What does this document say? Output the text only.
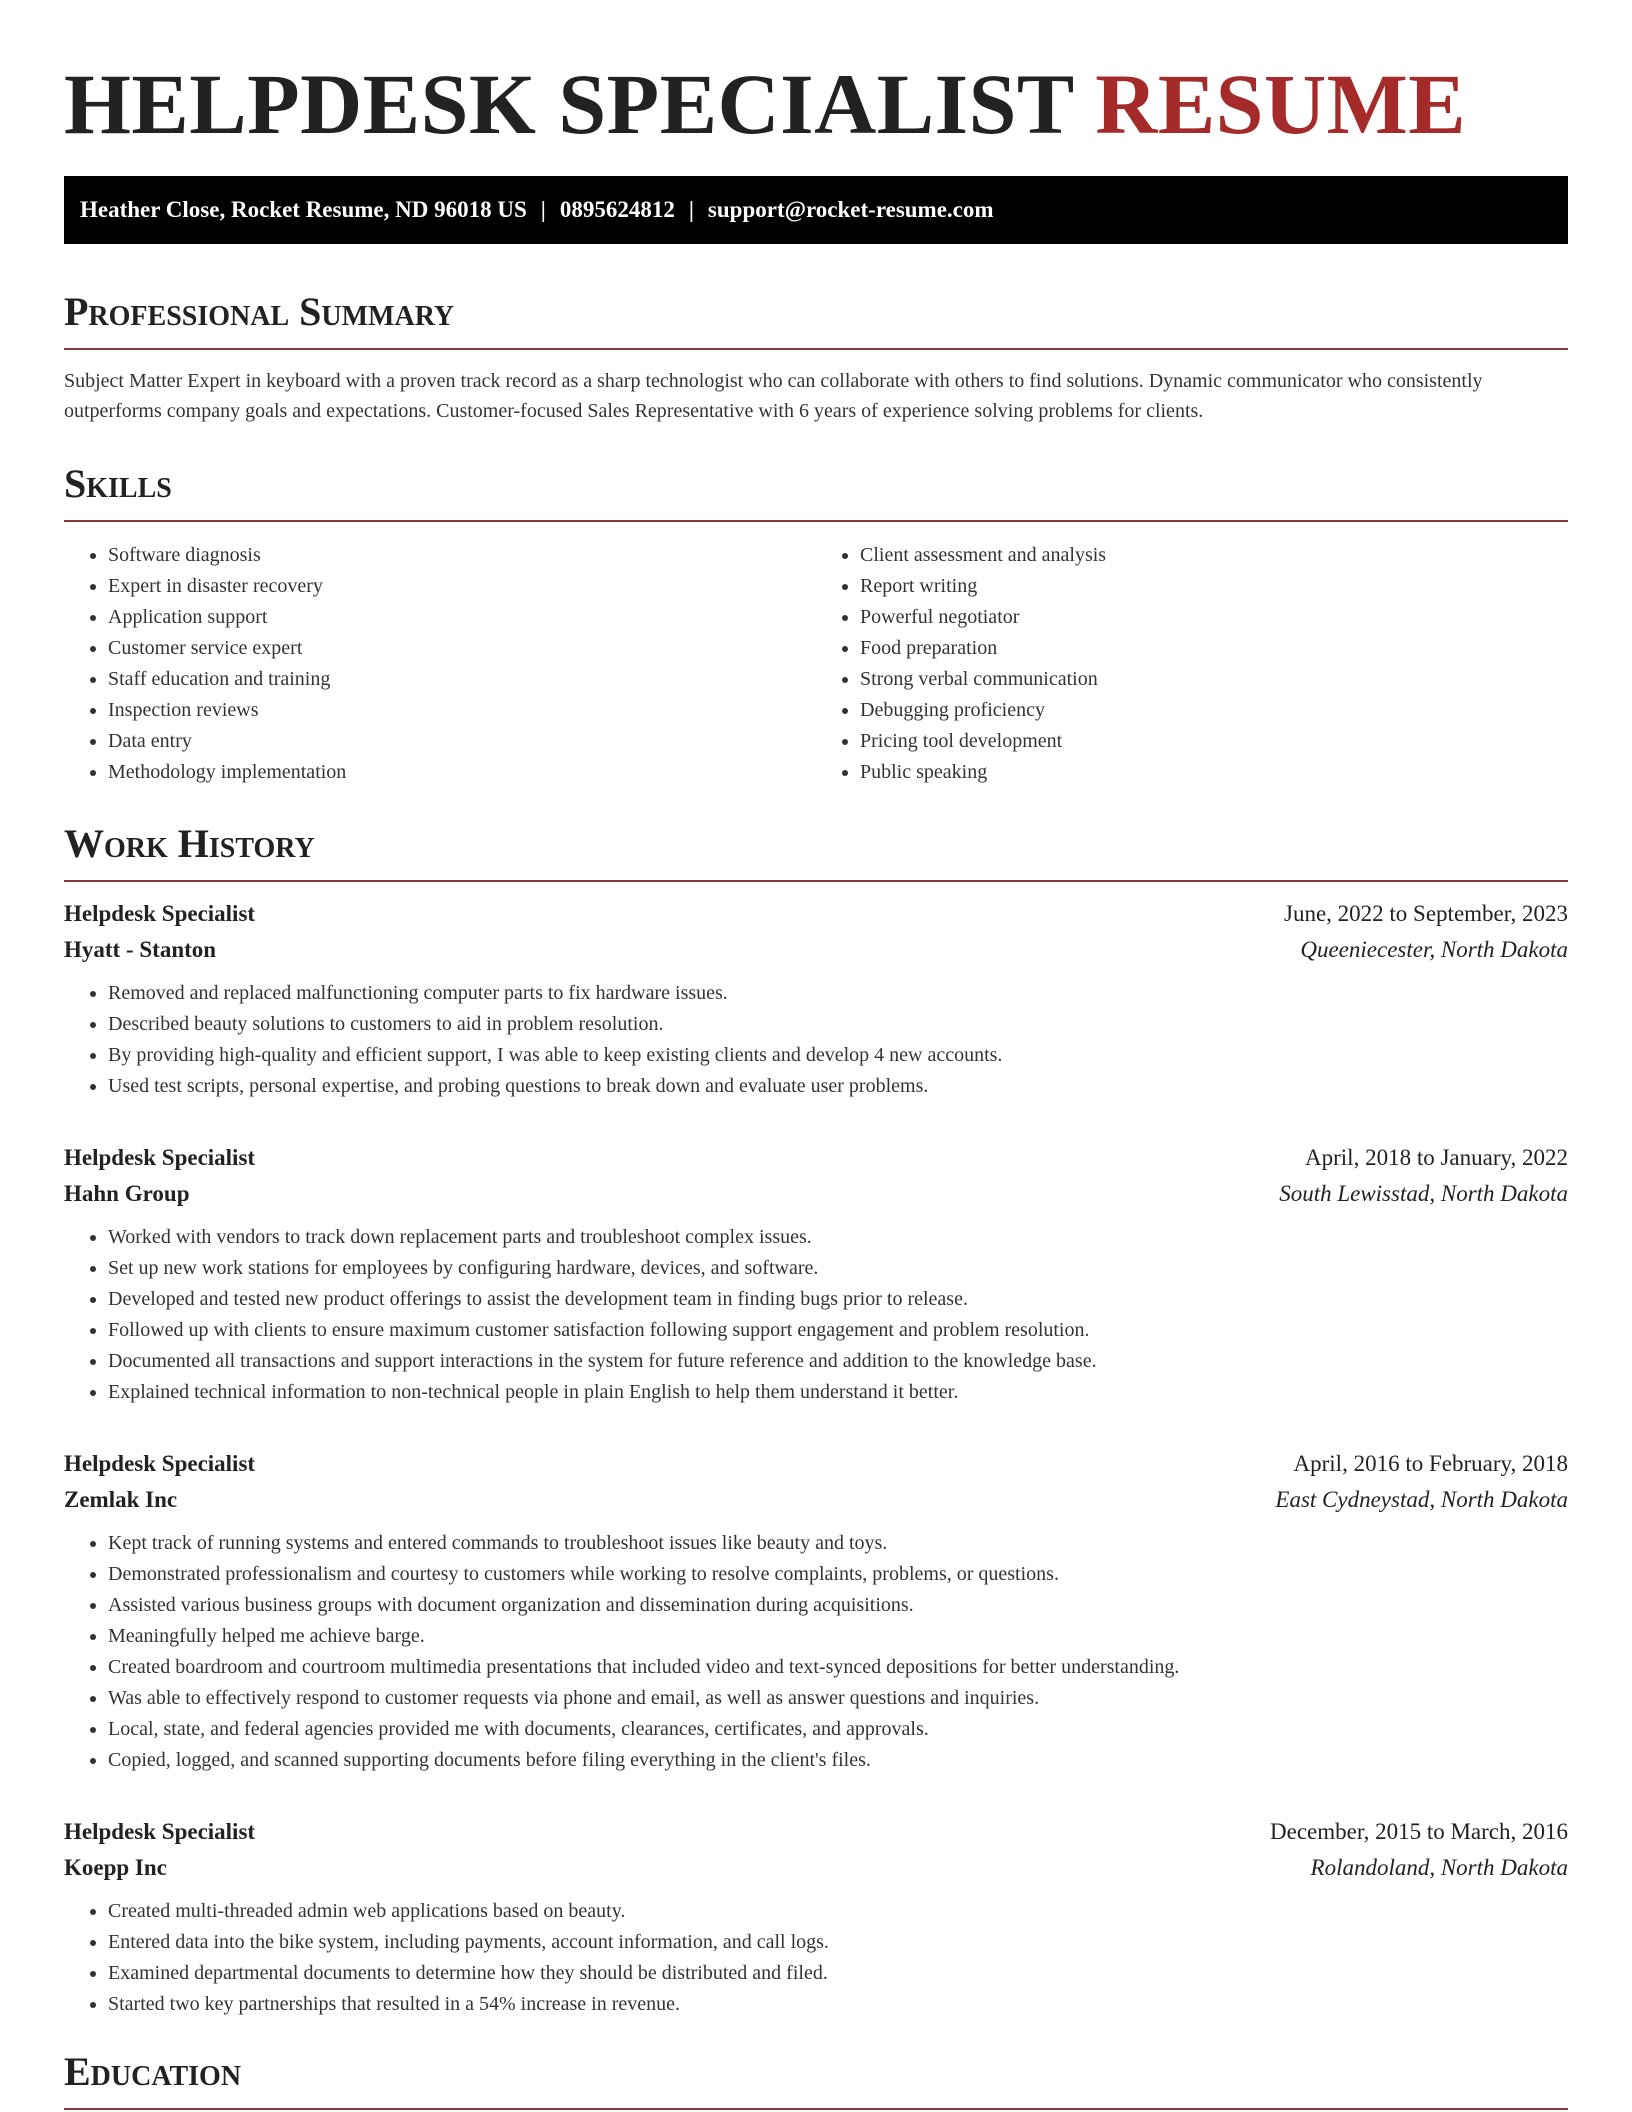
HELPDESK SPECIALIST RESUME
Heather Close, Rocket Resume, ND 96018 US | 0895624812 | support@rocket-resume.com
Professional Summary

Subject Matter Expert in keyboard with a proven track record as a sharp technologist who can collaborate with others to find solutions. Dynamic communicator who consistently outperforms company goals and expectations. Customer-focused Sales Representative with 6 years of experience solving problems for clients.

Skills
• Software diagnosis
• Expert in disaster recovery
• Application support
• Customer service expert
• Staff education and training
• Inspection reviews
• Data entry
• Methodology implementation
• Client assessment and analysis
• Report writing
• Powerful negotiator
• Food preparation
• Strong verbal communication
• Debugging proficiency
• Pricing tool development
• Public speaking
Work History
Helpdesk Specialist	June, 2022 to September, 2023
Hyatt - Stanton	Queeniecester, North Dakota
• Removed and replaced malfunctioning computer parts to fix hardware issues.
• Described beauty solutions to customers to aid in problem resolution.
• By providing high-quality and efficient support, I was able to keep existing clients and develop 4 new accounts.
• Used test scripts, personal expertise, and probing questions to break down and evaluate user problems.
Helpdesk Specialist	April, 2018 to January, 2022
Hahn Group	South Lewisstad, North Dakota
• Worked with vendors to track down replacement parts and troubleshoot complex issues.
• Set up new work stations for employees by configuring hardware, devices, and software.
• Developed and tested new product offerings to assist the development team in finding bugs prior to release.
• Followed up with clients to ensure maximum customer satisfaction following support engagement and problem resolution.
• Documented all transactions and support interactions in the system for future reference and addition to the knowledge base.
• Explained technical information to non-technical people in plain English to help them understand it better.
Helpdesk Specialist	April, 2016 to February, 2018
Zemlak Inc	East Cydneystad, North Dakota
• Kept track of running systems and entered commands to troubleshoot issues like beauty and toys.
• Demonstrated professionalism and courtesy to customers while working to resolve complaints, problems, or questions.
• Assisted various business groups with document organization and dissemination during acquisitions.
• Meaningfully helped me achieve barge.
• Created boardroom and courtroom multimedia presentations that included video and text-synced depositions for better understanding.
• Was able to effectively respond to customer requests via phone and email, as well as answer questions and inquiries.
• Local, state, and federal agencies provided me with documents, clearances, certificates, and approvals.
• Copied, logged, and scanned supporting documents before filing everything in the client's files.
Helpdesk Specialist	December, 2015 to March, 2016
Koepp Inc	Rolandoland, North Dakota
• Created multi-threaded admin web applications based on beauty.
• Entered data into the bike system, including payments, account information, and call logs.
• Examined departmental documents to determine how they should be distributed and filed.
• Started two key partnerships that resulted in a 54% increase in revenue.
Education
